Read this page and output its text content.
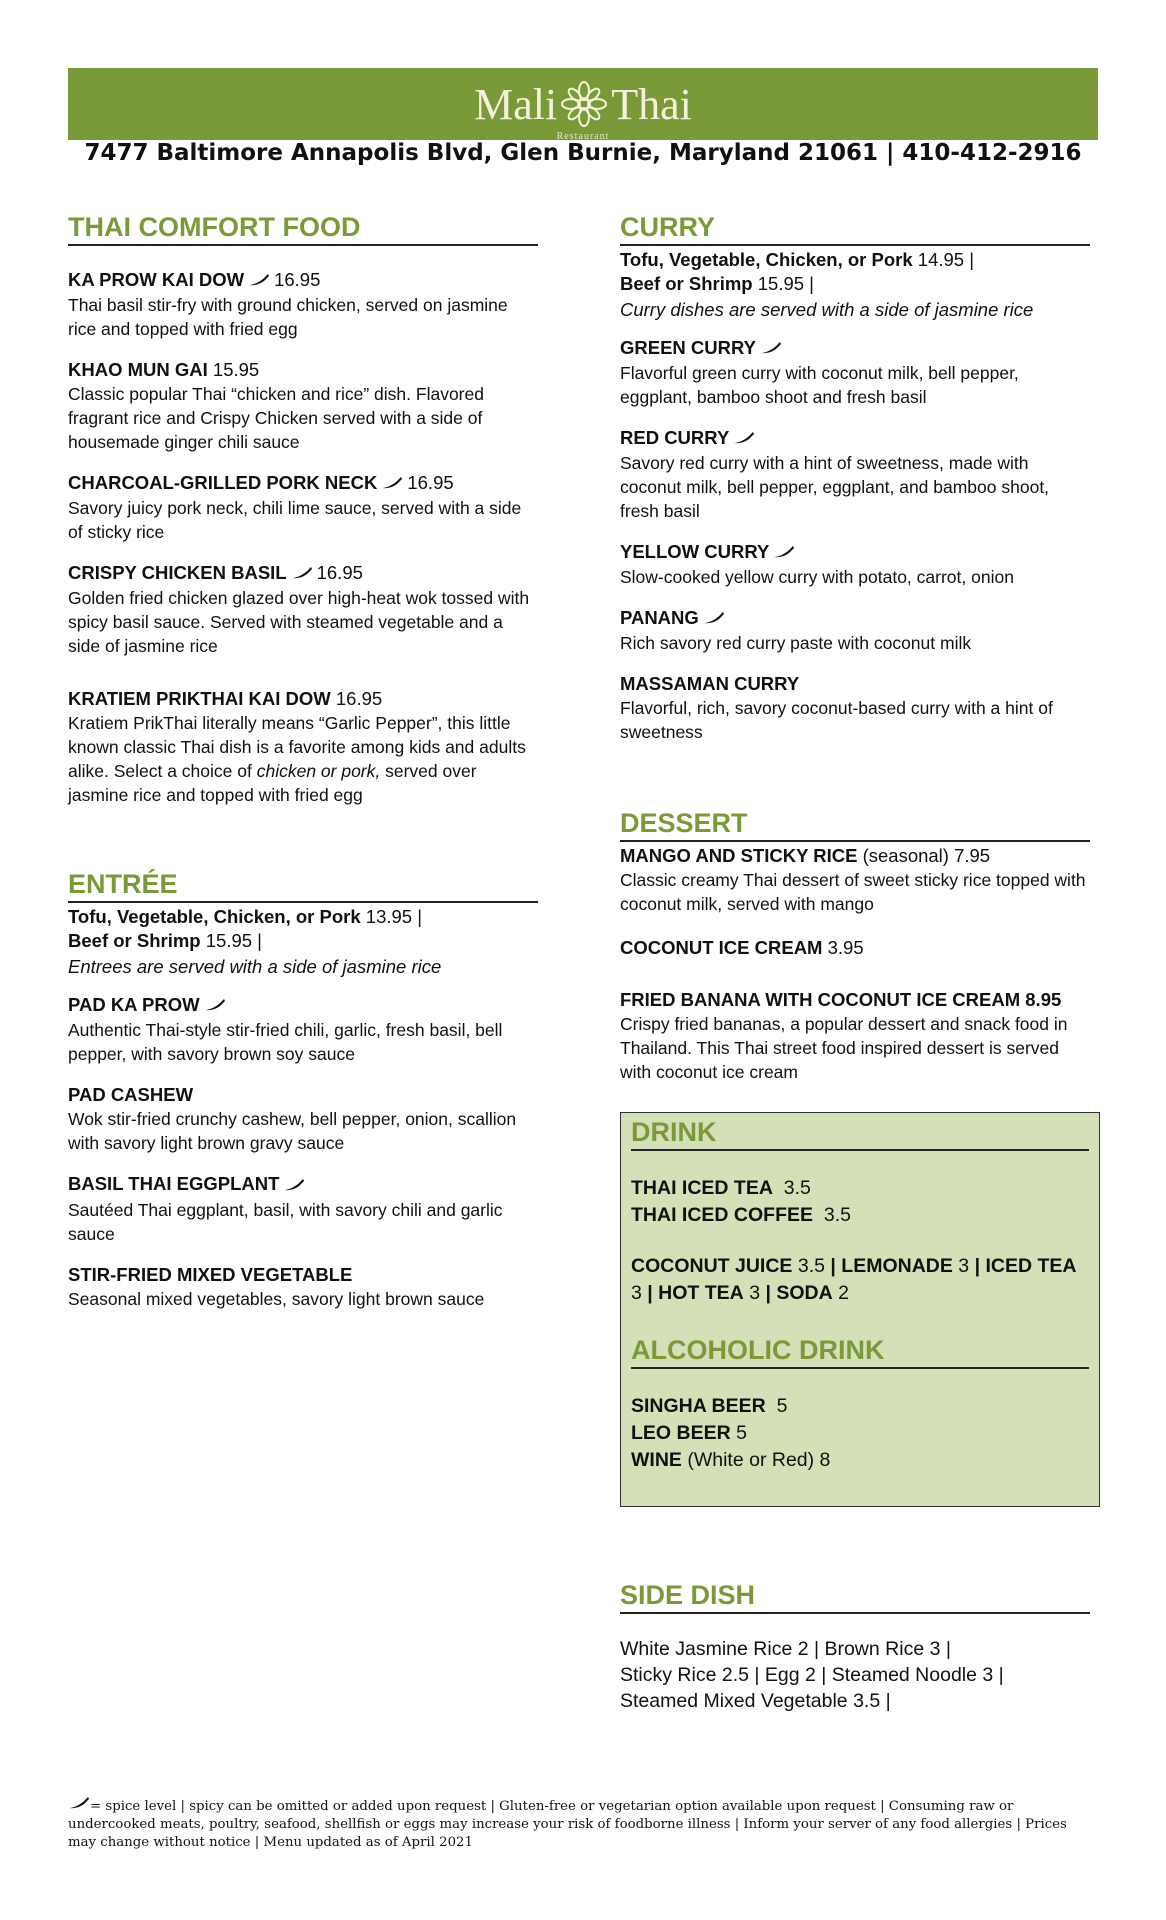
Mali Thai
Restaurant
7477 Baltimore Annapolis Blvd, Glen Burnie, Maryland 21061 | 410-412-2916
THAI COMFORT FOOD
KA PROW KAI DOW 16.95
Thai basil stir-fry with ground chicken, served on jasmine rice and topped with fried egg
KHAO MUN GAI 15.95
Classic popular Thai “chicken and rice” dish. Flavored fragrant rice and Crispy Chicken served with a side of housemade ginger chili sauce
CHARCOAL-GRILLED PORK NECK 16.95
Savory juicy pork neck, chili lime sauce, served with a side of sticky rice
CRISPY CHICKEN BASIL 16.95
Golden fried chicken glazed over high-heat wok tossed with spicy basil sauce. Served with steamed vegetable and a side of jasmine rice
KRATIEM PRIKTHAI KAI DOW 16.95
Kratiem PrikThai literally means “Garlic Pepper”, this little known classic Thai dish is a favorite among kids and adults alike. Select a choice of chicken or pork, served over jasmine rice and topped with fried egg
ENTRÉE
Tofu, Vegetable, Chicken, or Pork 13.95 |
Beef or Shrimp 15.95 |
Entrees are served with a side of jasmine rice
PAD KA PROW
Authentic Thai-style stir-fried chili, garlic, fresh basil, bell pepper, with savory brown soy sauce
PAD CASHEW
Wok stir-fried crunchy cashew, bell pepper, onion, scallion with savory light brown gravy sauce
BASIL THAI EGGPLANT
Sautéed Thai eggplant, basil, with savory chili and garlic sauce
STIR-FRIED MIXED VEGETABLE
Seasonal mixed vegetables, savory light brown sauce
CURRY
Tofu, Vegetable, Chicken, or Pork 14.95 |
Beef or Shrimp 15.95 |
Curry dishes are served with a side of jasmine rice
GREEN CURRY
Flavorful green curry with coconut milk, bell pepper, eggplant, bamboo shoot and fresh basil
RED CURRY
Savory red curry with a hint of sweetness, made with coconut milk, bell pepper, eggplant, and bamboo shoot, fresh basil
YELLOW CURRY
Slow-cooked yellow curry with potato, carrot, onion
PANANG
Rich savory red curry paste with coconut milk
MASSAMAN CURRY
Flavorful, rich, savory coconut-based curry with a hint of sweetness
DESSERT
MANGO AND STICKY RICE (seasonal) 7.95
Classic creamy Thai dessert of sweet sticky rice topped with coconut milk, served with mango
COCONUT ICE CREAM 3.95
FRIED BANANA WITH COCONUT ICE CREAM 8.95
Crispy fried bananas, a popular dessert and snack food in Thailand. This Thai street food inspired dessert is served with coconut ice cream
DRINK
THAI ICED TEA 3.5
THAI ICED COFFEE 3.5
COCONUT JUICE 3.5 | LEMONADE 3 | ICED TEA 3 | HOT TEA 3 | SODA 2
ALCOHOLIC DRINK
SINGHA BEER 5
LEO BEER 5
WINE (White or Red) 8
SIDE DISH
White Jasmine Rice 2 | Brown Rice 3 |
Sticky Rice 2.5 | Egg 2 | Steamed Noodle 3 |
Steamed Mixed Vegetable 3.5 |
= spice level | spicy can be omitted or added upon request | Gluten-free or vegetarian option available upon request | Consuming raw or undercooked meats, poultry, seafood, shellfish or eggs may increase your risk of foodborne illness | Inform your server of any food allergies | Prices may change without notice | Menu updated as of April 2021
